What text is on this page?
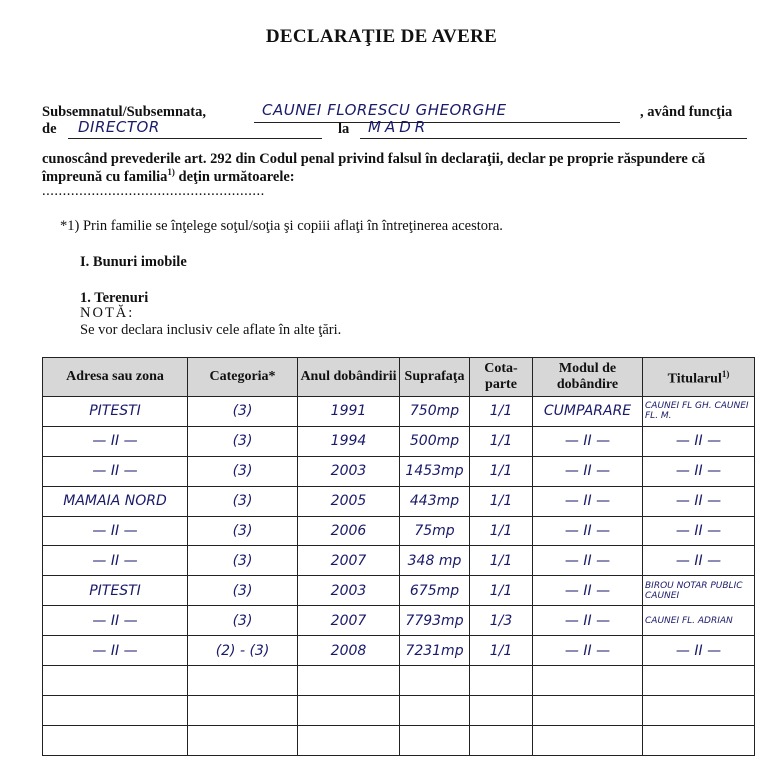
DECLARAŢIE DE AVERE
Subsemnatul/Subsemnata,	CAUNEI FLORESCU GHEORGHE	, având funcţia
de DIRECTOR	la MADR
cunoscând prevederile art. 292 din Codul penal privind falsul în declaraţii, declar pe proprie răspundere că
împreună cu familia$^{1)}$ deţin următoarele:
......................................................
*1) Prin familie se înţelege soţul/soţia şi copiii aflaţi în întreţinerea acestora.
I. Bunuri imobile
1. Terenuri
NOTĂ:
Se vor declara inclusiv cele aflate în alte ţări.
Adresa sau zona	Categoria*	Anul dobândirii	Suprafaţa	Cota-parte	Modul de dobândire	Titularul$^{1)}$
PITESTI	(3)	1991	750mp	1/1	CUMPARARE	CAUNEI FL GH. CAUNEI FL. M.
— II —	(3)	1994	500mp	1/1	— II —	— II —
— II —	(3)	2003	1453mp	1/1	— II —	— II —
MAMAIA NORD	(3)	2005	443mp	1/1	— II —	— II —
— II —	(3)	2006	75mp	1/1	— II —	— II —
— II —	(3)	2007	348 mp	1/1	— II —	— II —
PITESTI	(3)	2003	675mp	1/1	— II —	BIROU NOTAR PUBLIC CAUNEI
— II —	(3)	2007	7793mp	1/3	— II —	CAUNEI FL. ADRIAN
— II —	(2) - (3)	2008	7231mp	1/1	— II —	— II —
